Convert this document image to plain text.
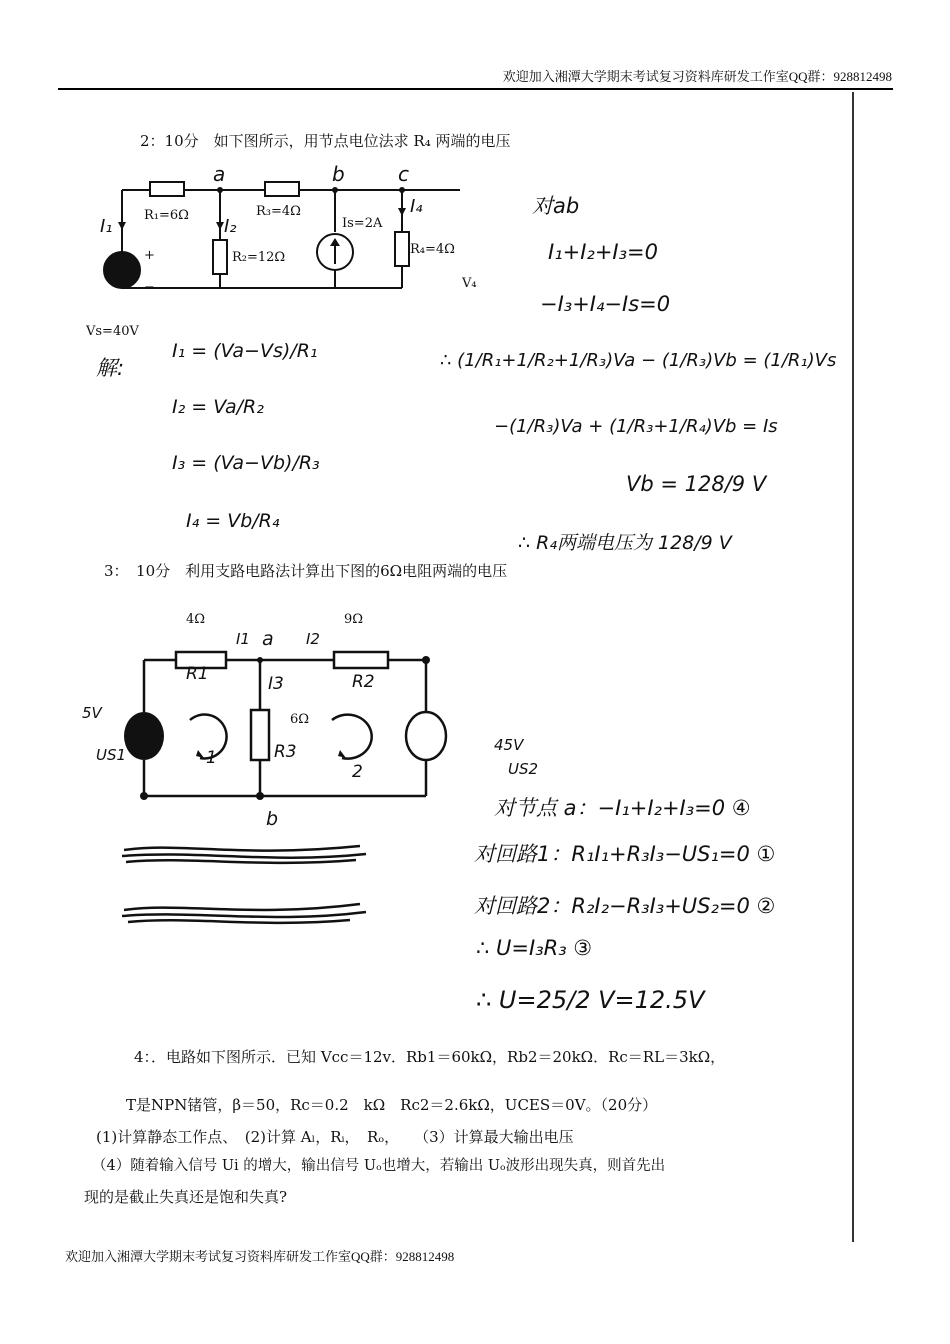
欢迎加入湘潭大学期末考试复习资料库研发工作室QQ群：928812498
2：10分　如下图所示，用节点电位法求 R₄ 两端的电压
a	b	c
R₁=6Ω	R₃=4Ω
R₂=12Ω
Is=2A
R₄=4Ω
Vs=40V
V₄
I₁	I₂
I₄
+
−
解:
I₁ = (Va−Vs)/R₁
I₂ = Va/R₂
I₃ = (Va−Vb)/R₃
I₄ = Vb/R₄
对ab
I₁+I₂+I₃=0
−I₃+I₄−Is=0
∴ (1/R₁+1/R₂+1/R₃)Va − (1/R₃)Vb = (1/R₁)Vs
−(1/R₃)Va + (1/R₃+1/R₄)Vb = Is
Vb = 128/9 V
∴ R₄两端电压为 128/9 V
3：　10分　利用支路电路法计算出下图的6Ω电阻两端的电压
4Ω	9Ω
6Ω
R1	R2
R3
a
b
I1	I2
I3
5V
US1
45V
US2
1
2
对节点 a：−I₁+I₂+I₃=0 ④
对回路1：R₁I₁+R₃I₃−US₁=0 ①
对回路2：R₂I₂−R₃I₃+US₂=0 ②
∴ U=I₃R₃ ③
∴ U=25/2 V=12.5V
4：．电路如下图所示．已知 Vcc＝12v．Rb1＝60kΩ，Rb2＝20kΩ．Rc＝RL＝3kΩ，
T是NPN锗管，β＝50，Rc＝0.2　kΩ　Rc2＝2.6kΩ，UCES＝0V。（20分）
(1)计算静态工作点、　(2)计算 Aₗ，Rᵢ，　Rₒ，　　（3）计算最大输出电压
（4）随着输入信号 Ui 的增大，输出信号 Uₒ也增大，若输出 Uₒ波形出现失真，则首先出
现的是截止失真还是饱和失真?
欢迎加入湘潭大学期末考试复习资料库研发工作室QQ群：928812498
